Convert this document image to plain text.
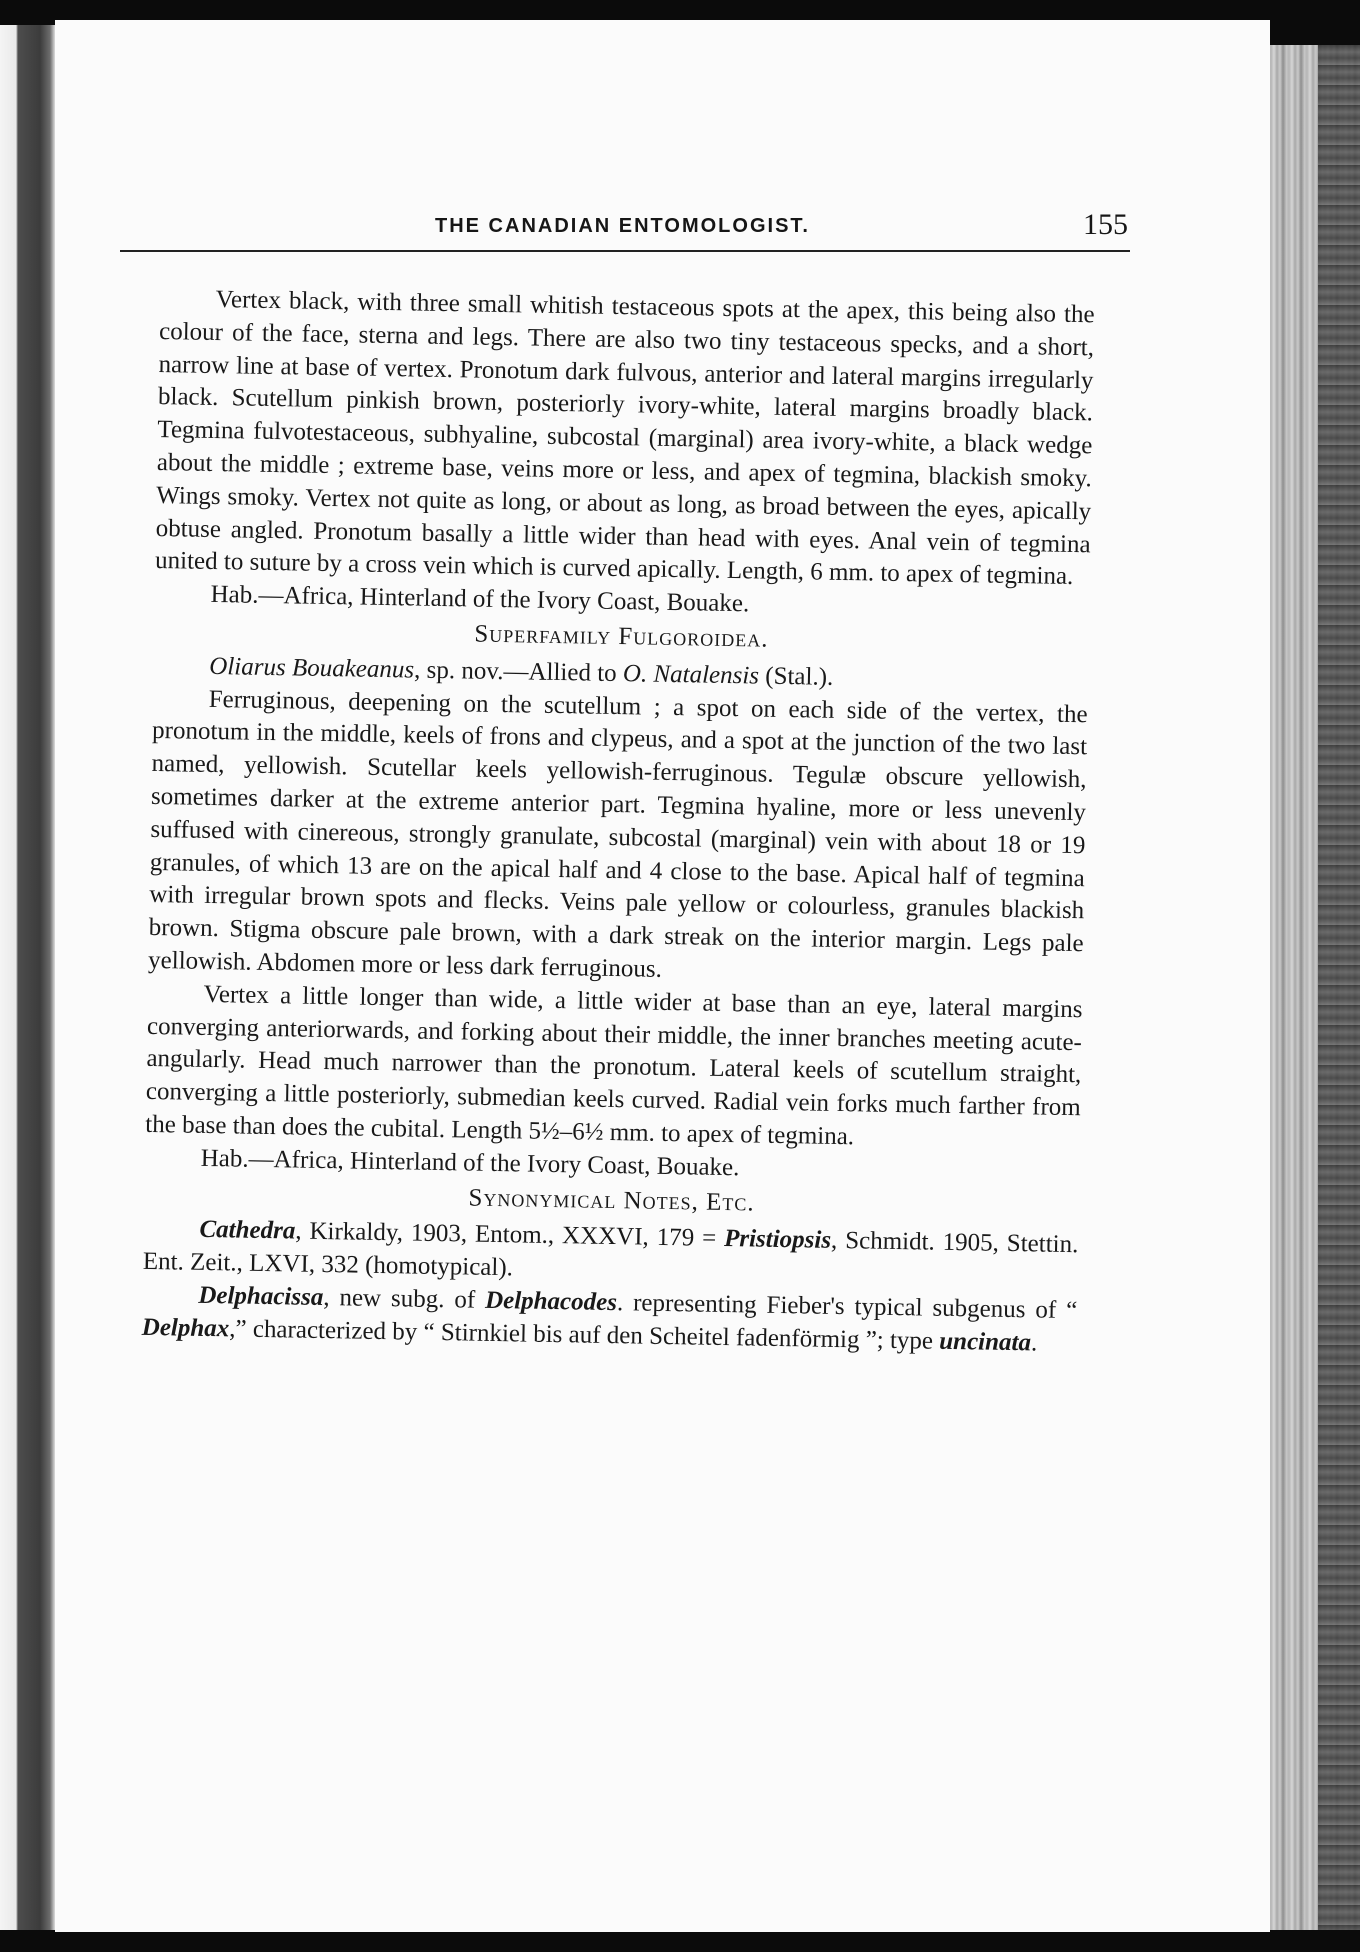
THE CANADIAN ENTOMOLOGIST.	155

Vertex black, with three small whitish testaceous spots at the apex, this being also the colour of the face, sterna and legs. There are also two tiny testaceous specks, and a short, narrow line at base of vertex. Pronotum dark fulvous, anterior and lateral margins irregularly black. Scutellum pinkish brown, posteriorly ivory-white, lateral margins broadly black. Tegmina fulvotestaceous, subhyaline, subcostal (marginal) area ivory-white, a black wedge about the middle ; extreme base, veins more or less, and apex of tegmina, blackish smoky. Wings smoky. Vertex not quite as long, or about as long, as broad between the eyes, apically obtuse angled. Pronotum basally a little wider than head with eyes. Anal vein of tegmina united to suture by a cross vein which is curved apically. Length, 6 mm. to apex of tegmina.

Hab.—Africa, Hinterland of the Ivory Coast, Bouake.

Superfamily Fulgoroidea.

Oliarus Bouakeanus, sp. nov.—Allied to O. Natalensis (Stal.).

Ferruginous, deepening on the scutellum ; a spot on each side of the vertex, the pronotum in the middle, keels of frons and clypeus, and a spot at the junction of the two last named, yellowish. Scutellar keels yellowish-ferruginous. Tegulæ obscure yellowish, sometimes darker at the extreme anterior part. Tegmina hyaline, more or less unevenly suffused with cinereous, strongly granulate, subcostal (marginal) vein with about 18 or 19 granules, of which 13 are on the apical half and 4 close to the base. Apical half of tegmina with irregular brown spots and flecks. Veins pale yellow or colourless, granules blackish brown. Stigma obscure pale brown, with a dark streak on the interior margin. Legs pale yellowish. Abdomen more or less dark ferruginous.

Vertex a little longer than wide, a little wider at base than an eye, lateral margins converging anteriorwards, and forking about their middle, the inner branches meeting acute-angularly. Head much narrower than the pronotum. Lateral keels of scutellum straight, converging a little posteriorly, submedian keels curved. Radial vein forks much farther from the base than does the cubital. Length 5½–6½ mm. to apex of tegmina.

Hab.—Africa, Hinterland of the Ivory Coast, Bouake.

Synonymical Notes, Etc.

Cathedra, Kirkaldy, 1903, Entom., XXXVI, 179 = Pristiopsis, Schmidt. 1905, Stettin. Ent. Zeit., LXVI, 332 (homotypical).

Delphacissa, new subg. of Delphacodes. representing Fieber's typical subgenus of “ Delphax,” characterized by “ Stirnkiel bis auf den Scheitel fadenförmig ”; type uncinata.
